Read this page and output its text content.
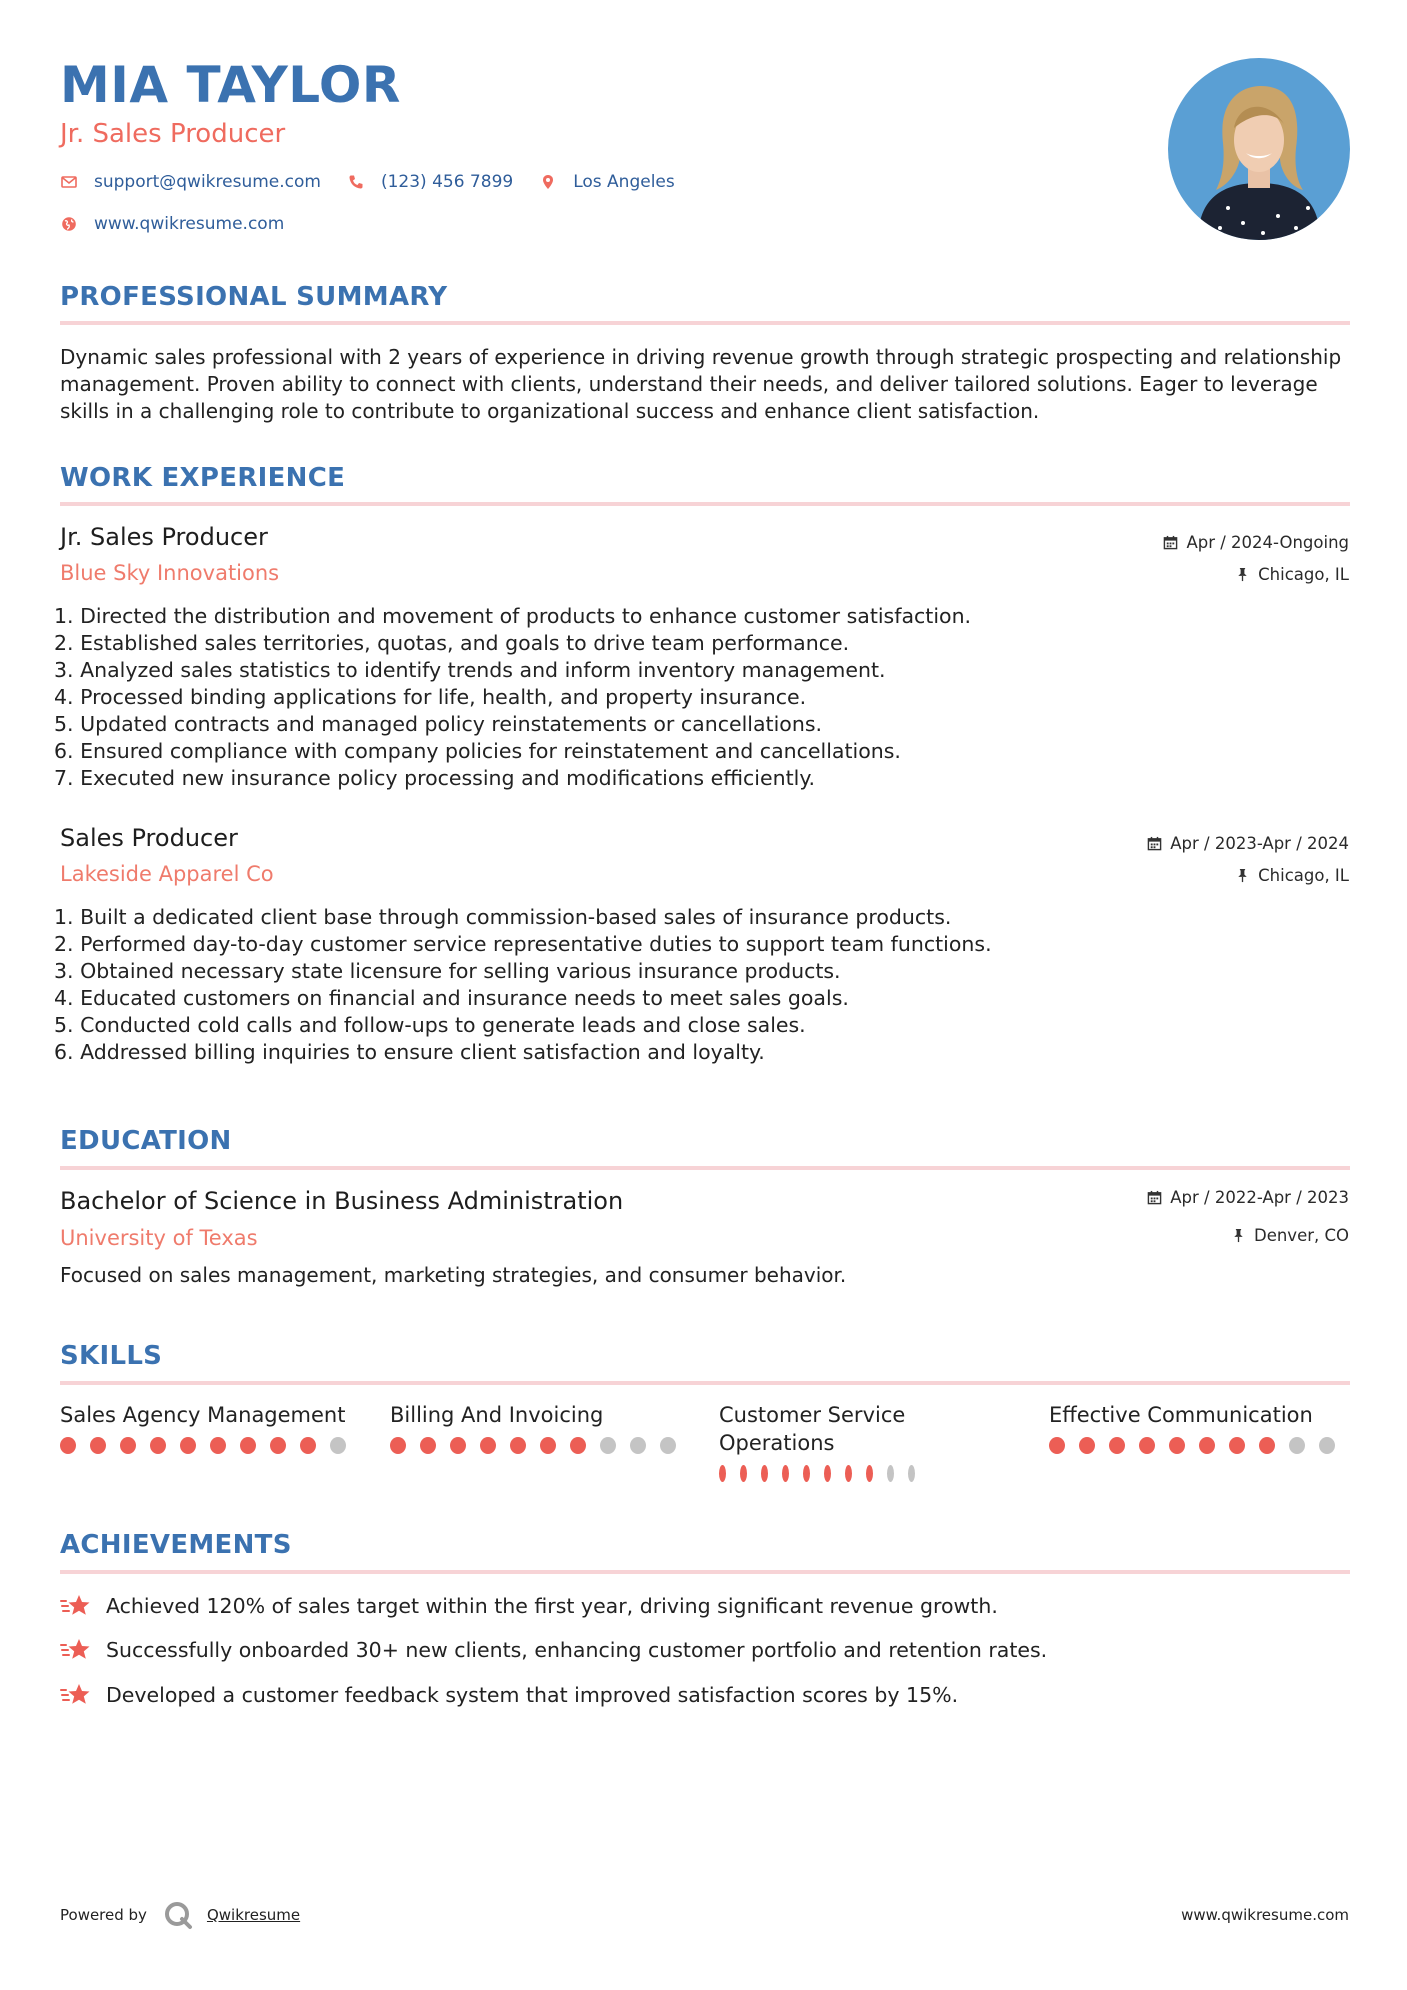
MIA TAYLOR
Jr. Sales Producer
support@qwikresume.com	(123) 456 7899	Los Angeles
www.qwikresume.com
PROFESSIONAL SUMMARY
Dynamic sales professional with 2 years of experience in driving revenue growth through strategic prospecting and relationship management. Proven ability to connect with clients, understand their needs, and deliver tailored solutions. Eager to leverage skills in a challenging role to contribute to organizational success and enhance client satisfaction.
WORK EXPERIENCE
Jr. Sales Producer
Blue Sky Innovations
Apr / 2024-Ongoing
Chicago, IL
1. Directed the distribution and movement of products to enhance customer satisfaction.
2. Established sales territories, quotas, and goals to drive team performance.
3. Analyzed sales statistics to identify trends and inform inventory management.
4. Processed binding applications for life, health, and property insurance.
5. Updated contracts and managed policy reinstatements or cancellations.
6. Ensured compliance with company policies for reinstatement and cancellations.
7. Executed new insurance policy processing and modifications efficiently.
Sales Producer
Lakeside Apparel Co
Apr / 2023-Apr / 2024
Chicago, IL
1. Built a dedicated client base through commission-based sales of insurance products.
2. Performed day-to-day customer service representative duties to support team functions.
3. Obtained necessary state licensure for selling various insurance products.
4. Educated customers on financial and insurance needs to meet sales goals.
5. Conducted cold calls and follow-ups to generate leads and close sales.
6. Addressed billing inquiries to ensure client satisfaction and loyalty.
EDUCATION
Bachelor of Science in Business Administration
University of Texas
Apr / 2022-Apr / 2023
Denver, CO
Focused on sales management, marketing strategies, and consumer behavior.
SKILLS
Sales Agency Management	Billing And Invoicing	Customer Service Operations
Effective Communication
ACHIEVEMENTS
Achieved 120% of sales target within the first year, driving significant revenue growth.
Successfully onboarded 30+ new clients, enhancing customer portfolio and retention rates.
Developed a customer feedback system that improved satisfaction scores by 15%.
Powered by	Qwikresume	www.qwikresume.com
